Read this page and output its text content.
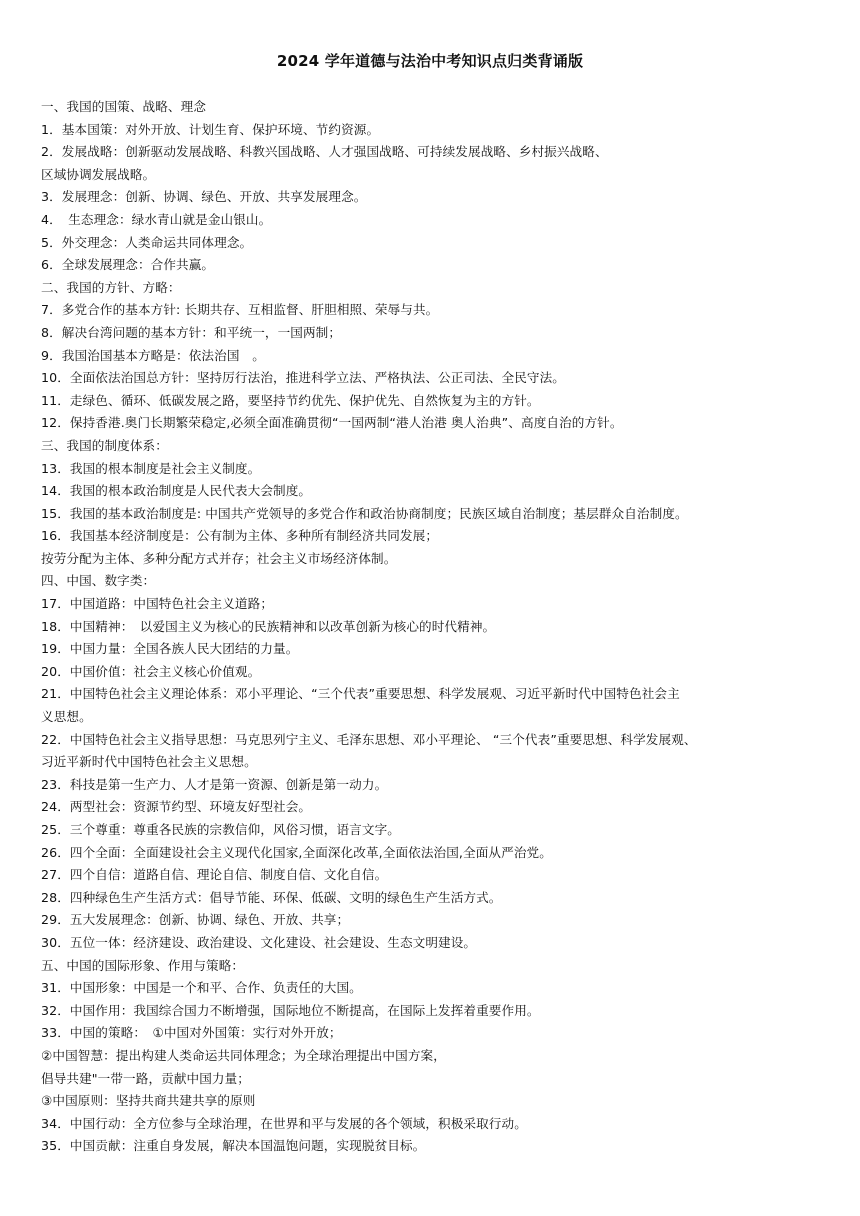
2024 学年道德与法治中考知识点归类背诵版
一、我国的国策、战略、理念
1．基本国策：对外开放、计划生育、保护环境、节约资源。
2．发展战略：创新驱动发展战略、科教兴国战略、人才强国战略、可持续发展战略、乡村振兴战略、
区域协调发展战略。
3．发展理念：创新、协调、绿色、开放、共享发展理念。
4．　生态理念：绿水青山就是金山银山。
5．外交理念：人类命运共同体理念。
6．全球发展理念：合作共赢。
二、我国的方针、方略：
7．多党合作的基本方针: 长期共存、互相监督、肝胆相照、荣辱与共。
8．解决台湾问题的基本方针：和平统一，一国两制；
9．我国治国基本方略是：依法治国　。
10．全面依法治国总方针：坚持厉行法治，推进科学立法、严格执法、公正司法、全民守法。
11．走绿色、循环、低碳发展之路，要坚持节约优先、保护优先、自然恢复为主的方针。
12．保持香港.奥门长期繁荣稳定,必须全面准确贯彻“一国两制“港人治港 奥人治典”、高度自治的方针。
三、我国的制度体系：
13．我国的根本制度是社会主义制度。
14．我国的根本政治制度是人民代表大会制度。
15．我国的基本政治制度是: 中国共产党领导的多党合作和政治协商制度；民族区域自治制度；基层群众自治制度。
16．我国基本经济制度是：公有制为主体、多种所有制经济共同发展；
按劳分配为主体、多种分配方式并存；社会主义市场经济体制。
四、中国、数字类：
17．中国道路：中国特色社会主义道路；
18．中国精神：　以爱国主义为核心的民族精神和以改革创新为核心的时代精神。
19．中国力量：全国各族人民大团结的力量。
20．中国价值：社会主义核心价值观。
21．中国特色社会主义理论体系：邓小平理论、“三个代表”重要思想、科学发展观、习近平新时代中国特色社会主
义思想。
22．中国特色社会主义指导思想：马克思列宁主义、毛泽东思想、邓小平理论、 “三个代表”重要思想、科学发展观、
习近平新时代中国特色社会主义思想。
23．科技是第一生产力、人才是第一资源、创新是第一动力。
24．两型社会：资源节约型、环境友好型社会。
25．三个尊重：尊重各民族的宗教信仰，风俗习惯，语言文字。
26．四个全面：全面建设社会主义现代化国家,全面深化改革,全面依法治国,全面从严治党。
27．四个自信：道路自信、理论自信、制度自信、文化自信。
28．四种绿色生产生活方式：倡导节能、环保、低碳、文明的绿色生产生活方式。
29．五大发展理念：创新、协调、绿色、开放、共享；
30．五位一体：经济建设、政治建设、文化建设、社会建设、生态文明建设。
五、中国的国际形象、作用与策略：
31．中国形象：中国是一个和平、合作、负责任的大国。
32．中国作用：我国综合国力不断增强，国际地位不断提高，在国际上发挥着重要作用。
33．中国的策略：　①中国对外国策：实行对外开放；
②中国智慧：提出构建人类命运共同体理念；为全球治理提出中国方案，
倡导共建"一带一路，贡献中国力量；
③中国原则：坚持共商共建共享的原则
34．中国行动：全方位参与全球治理，在世界和平与发展的各个领域，积极采取行动。
35．中国贡献：注重自身发展，解决本国温饱问题，实现脱贫目标。
